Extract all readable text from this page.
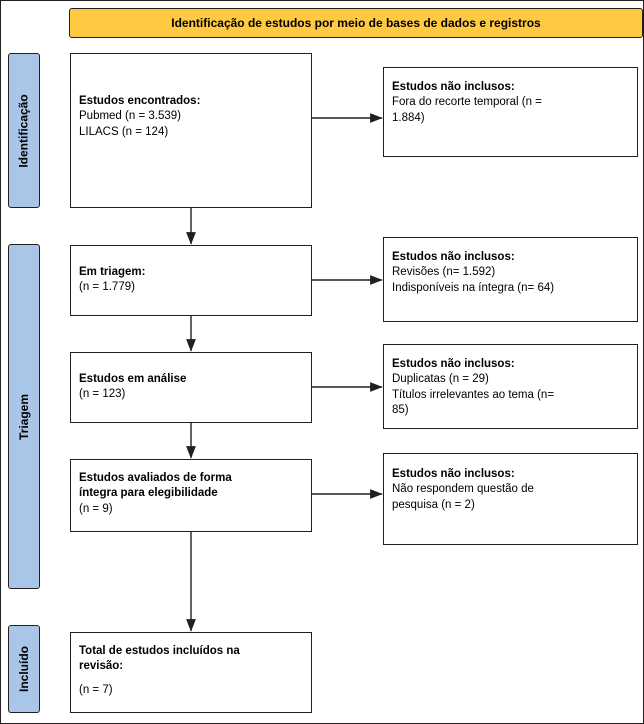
Identificação de estudos por meio de bases de dados e registros
Identificação
Triagem
Incluído
Estudos encontrados:
Pubmed (n = 3.539)
LILACS (n = 124)
Estudos não inclusos:
Fora do recorte temporal (n =
1.884)
Em triagem:
(n = 1.779)
Estudos não inclusos:
Revisões (n= 1.592)
Indisponíveis na íntegra (n= 64)
Estudos em análise
(n = 123)
Estudos não inclusos:
Duplicatas (n = 29)
Títulos irrelevantes ao tema (n=
85)
Estudos avaliados de forma
íntegra para elegibilidade
(n = 9)
Estudos não inclusos:
Não respondem questão de
pesquisa (n = 2)
Total de estudos incluídos na
revisão:
(n = 7)
